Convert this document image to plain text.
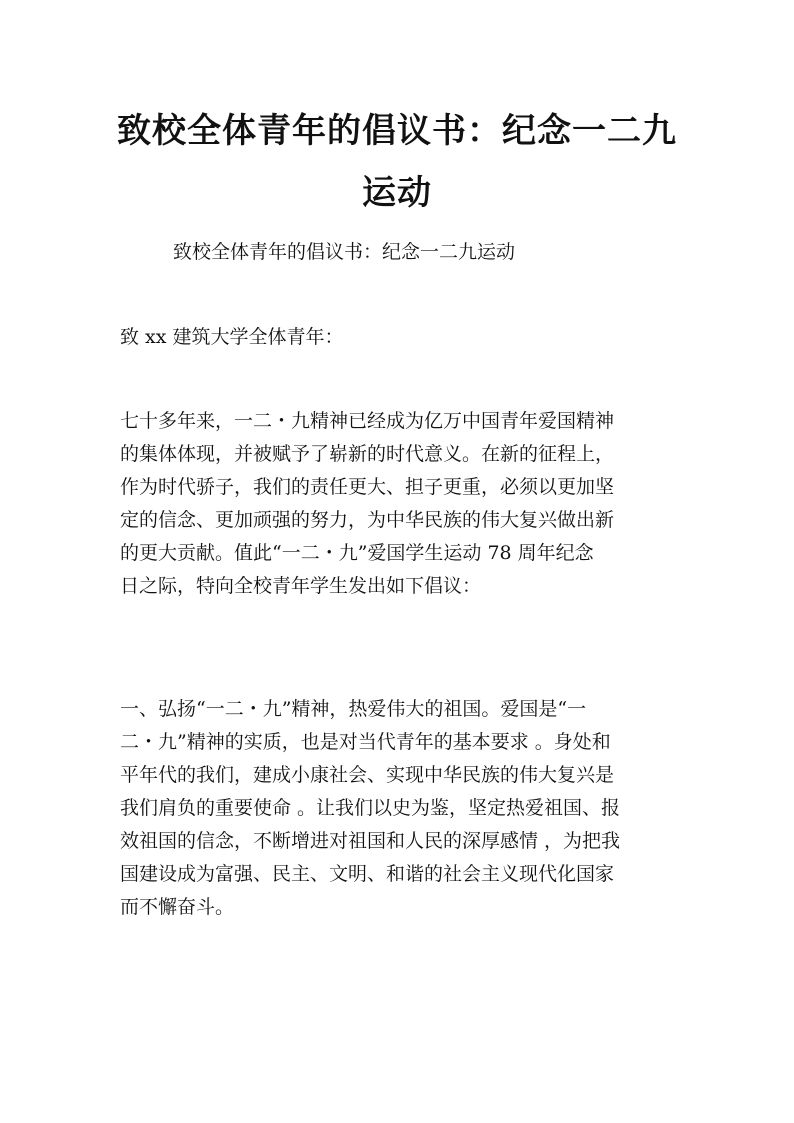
致校全体青年的倡议书：纪念一二九
运动

致校全体青年的倡议书：纪念一二九运动

致 xx 建筑大学全体青年：

七十多年来，一二・九精神已经成为亿万中国青年爱国精神
的集体体现，并被赋予了崭新的时代意义。在新的征程上，
作为时代骄子，我们的责任更大、担子更重，必须以更加坚
定的信念、更加顽强的努力，为中华民族的伟大复兴做出新
的更大贡献。值此“一二・九”爱国学生运动 78 周年纪念
日之际，特向全校青年学生发出如下倡议：
一、弘扬“一二・九”精神，热爱伟大的祖国。爱国是“一
二・九”精神的实质，也是对当代青年的基本要求 。身处和
平年代的我们，建成小康社会、实现中华民族的伟大复兴是
我们肩负的重要使命 。让我们以史为鉴，坚定热爱祖国、报
效祖国的信念，不断增进对祖国和人民的深厚感情 ，为把我
国建设成为富强、民主、文明、和谐的社会主义现代化国家
而不懈奋斗。
